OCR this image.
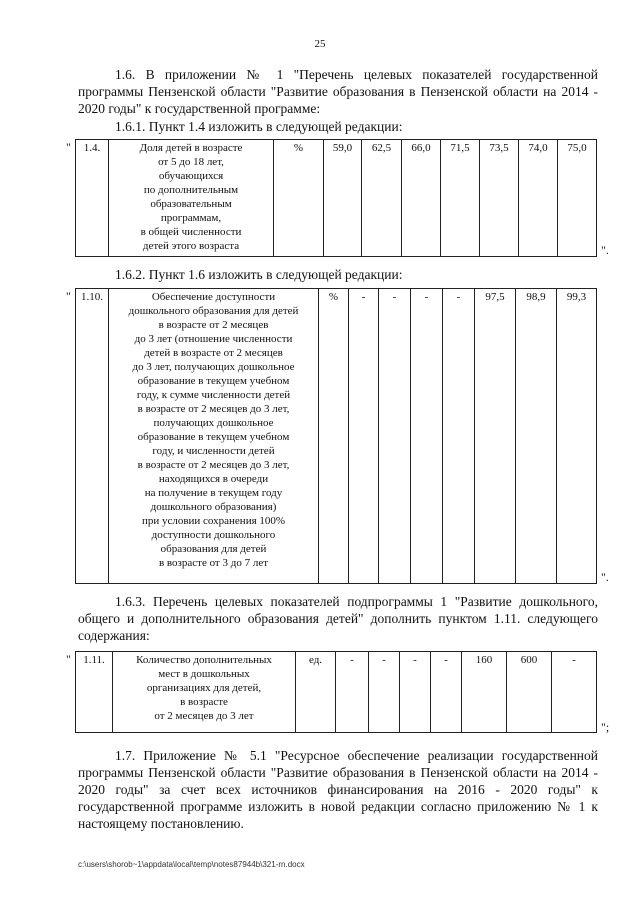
25

1.6. В приложении № 1 "Перечень целевых показателей государственной программы Пензенской области "Развитие образования в Пензенской области на 2014 - 2020 годы" к государственной программе:

1.6.1. Пункт 1.4 изложить в следующей редакции:

" 1.4.	Доля детей в возрасте
от 5 до 18 лет,
обучающихся
по дополнительным
образовательным
программам,
в общей численности
детей этого возраста	%	59,0	62,5	66,0	71,5	73,5	74,0	75,0
".

1.6.2. Пункт 1.6 изложить в следующей редакции:

" 1.10.	Обеспечение доступности
дошкольного образования для детей
в возрасте от 2 месяцев
до 3 лет (отношение численности
детей в возрасте от 2 месяцев
до 3 лет, получающих дошкольное
образование в текущем учебном
году, к сумме численности детей
в возрасте от 2 месяцев до 3 лет,
получающих дошкольное
образование в текущем учебном
году, и численности детей
в возрасте от 2 месяцев до 3 лет,
находящихся в очереди
на получение в текущем году
дошкольного образования)
при условии сохранения 100%
доступности дошкольного
образования для детей
в возрасте от 3 до 7 лет	%	-	-	-	-	97,5	98,9	99,3
".

1.6.3. Перечень целевых показателей подпрограммы 1 "Развитие дошкольного, общего и дополнительного образования детей" дополнить пунктом 1.11. следующего содержания:

" 1.11.	Количество дополнительных
мест в дошкольных
организациях для детей,
в возрасте
от 2 месяцев до 3 лет	ед.	-	-	-	-	160	600	-
";

1.7. Приложение № 5.1 "Ресурсное обеспечение реализации государственной программы Пензенской области "Развитие образования в Пензенской области на 2014 - 2020 годы" за счет всех источников финансирования на 2016 - 2020 годы" к государственной программе изложить в новой редакции согласно приложению № 1 к настоящему постановлению.

c:\users\shorob~1\appdata\local\temp\notes87944b\321-rn.docx
